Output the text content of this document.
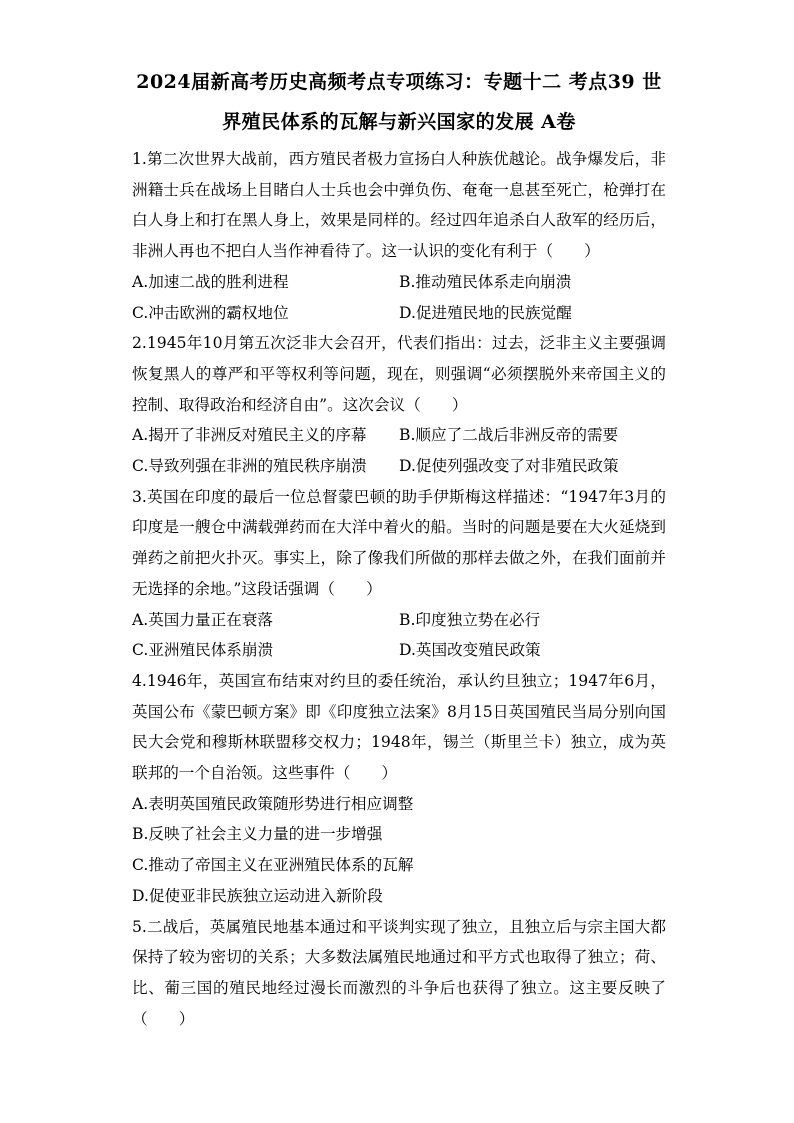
2024届新高考历史高频考点专项练习：专题十二 考点39 世
界殖民体系的瓦解与新兴国家的发展 A卷

1.第二次世界大战前，西方殖民者极力宣扬白人种族优越论。战争爆发后，非洲籍士兵在战场上目睹白人士兵也会中弹负伤、奄奄一息甚至死亡，枪弹打在白人身上和打在黑人身上，效果是同样的。经过四年追杀白人敌军的经历后，非洲人再也不把白人当作神看待了。这一认识的变化有利于（　　）

A.加速二战的胜利进程	B.推动殖民体系走向崩溃
C.冲击欧洲的霸权地位	D.促进殖民地的民族觉醒

2.1945年10月第五次泛非大会召开，代表们指出：过去，泛非主义主要强调恢复黑人的尊严和平等权利等问题，现在，则强调“必须摆脱外来帝国主义的控制、取得政治和经济自由”。这次会议（　　）

A.揭开了非洲反对殖民主义的序幕	B.顺应了二战后非洲反帝的需要
C.导致列强在非洲的殖民秩序崩溃	D.促使列强改变了对非殖民政策

3.英国在印度的最后一位总督蒙巴顿的助手伊斯梅这样描述：“1947年3月的印度是一艘仓中满载弹药而在大洋中着火的船。当时的问题是要在大火延烧到弹药之前把火扑灭。事实上，除了像我们所做的那样去做之外，在我们面前并无选择的余地。”这段话强调（　　）

A.英国力量正在衰落	B.印度独立势在必行
C.亚洲殖民体系崩溃	D.英国改变殖民政策

4.1946年，英国宣布结束对约旦的委任统治，承认约旦独立；1947年6月，英国公布《蒙巴顿方案》即《印度独立法案》8月15日英国殖民当局分别向国民大会党和穆斯林联盟移交权力；1948年，锡兰（斯里兰卡）独立，成为英联邦的一个自治领。这些事件（　　）

A.表明英国殖民政策随形势进行相应调整
B.反映了社会主义力量的进一步增强
C.推动了帝国主义在亚洲殖民体系的瓦解
D.促使亚非民族独立运动进入新阶段

5.二战后，英属殖民地基本通过和平谈判实现了独立，且独立后与宗主国大都保持了较为密切的关系；大多数法属殖民地通过和平方式也取得了独立；荷、比、葡三国的殖民地经过漫长而激烈的斗争后也获得了独立。这主要反映了（　　）
